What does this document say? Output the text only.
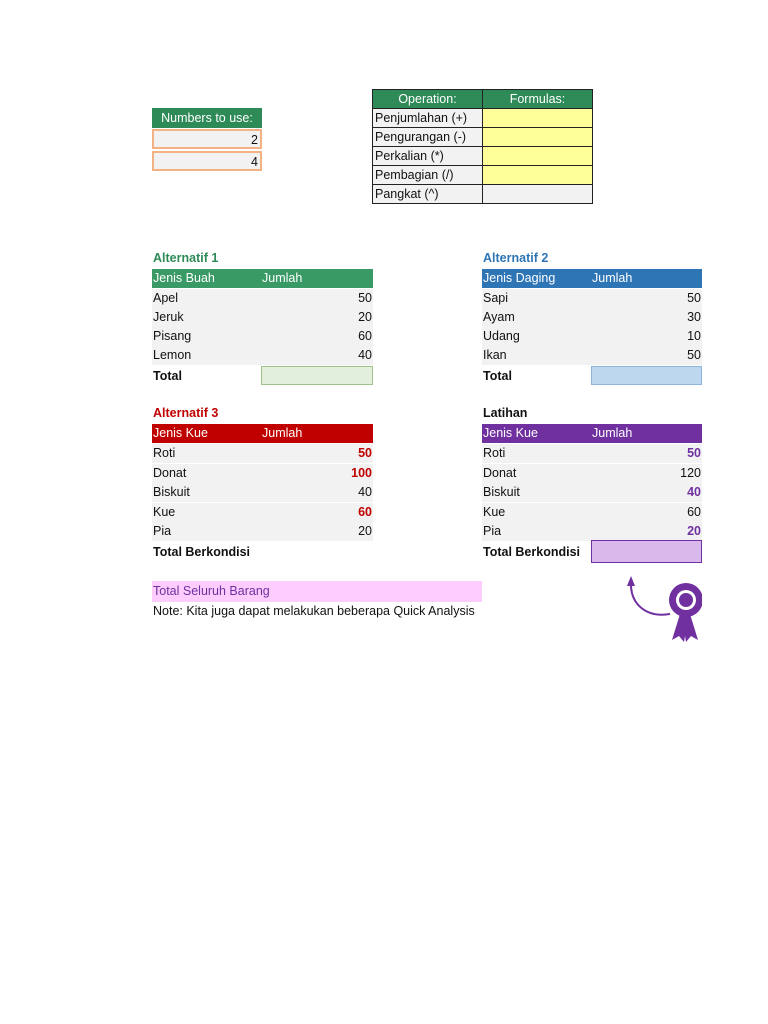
Numbers to use:
2
4
Operation:	Formulas:
Penjumlahan (+)	
Pengurangan (-)	
Perkalian (*)	
Pembagian (/)	
Pangkat (^)	
Alternatif 1
Jenis Buah	Jumlah
Apel	50
Jeruk	20
Pisang	60
Lemon	40
Total
Alternatif 2
Jenis Daging	Jumlah
Sapi	50
Ayam	30
Udang	10
Ikan	50
Total
Alternatif 3
Jenis Kue	Jumlah
Roti	50
Donat	100
Biskuit	40
Kue	60
Pia	20
Total Berkondisi
Latihan
Jenis Kue	Jumlah
Roti	50
Donat	120
Biskuit	40
Kue	60
Pia	20
Total Berkondisi
Total Seluruh Barang
Note: Kita juga dapat melakukan beberapa Quick Analysis
